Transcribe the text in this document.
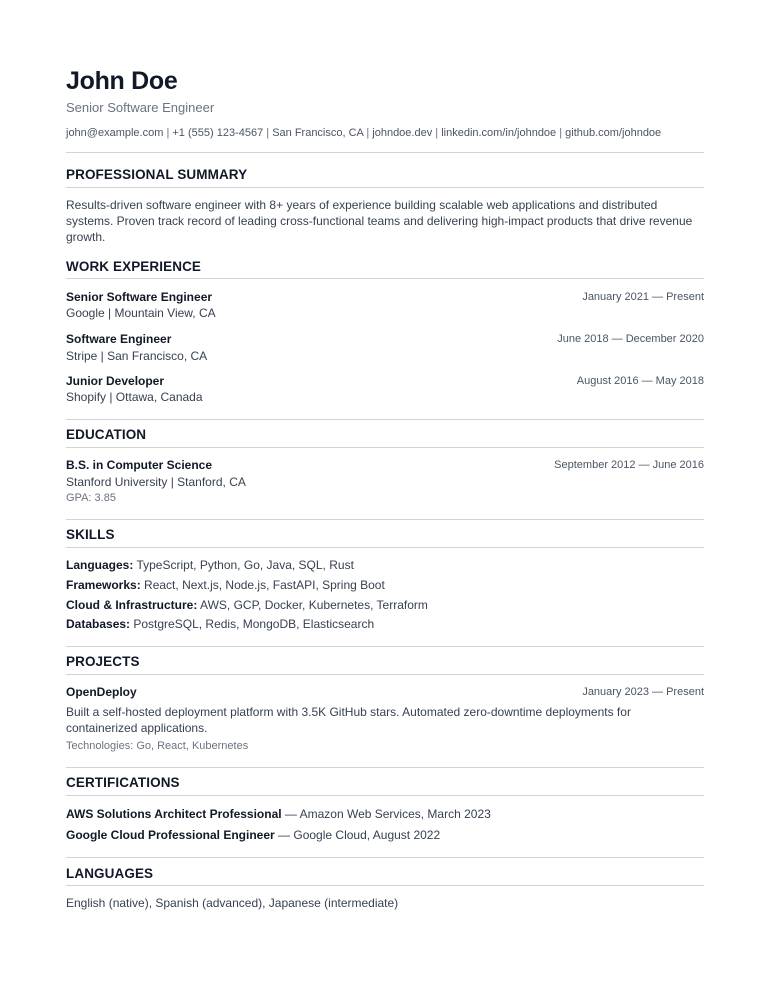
John Doe
Senior Software Engineer
john@example.com | +1 (555) 123-4567 | San Francisco, CA | johndoe.dev | linkedin.com/in/johndoe | github.com/johndoe
PROFESSIONAL SUMMARY
Results-driven software engineer with 8+ years of experience building scalable web applications and distributed systems. Proven track record of leading cross-functional teams and delivering high-impact products that drive revenue growth.
WORK EXPERIENCE
Senior Software Engineer	January 2021 — Present
Google | Mountain View, CA
Software Engineer	June 2018 — December 2020
Stripe | San Francisco, CA
Junior Developer	August 2016 — May 2018
Shopify | Ottawa, Canada
EDUCATION
B.S. in Computer Science	September 2012 — June 2016
Stanford University | Stanford, CA
GPA: 3.85
SKILLS
Languages: TypeScript, Python, Go, Java, SQL, Rust
Frameworks: React, Next.js, Node.js, FastAPI, Spring Boot
Cloud & Infrastructure: AWS, GCP, Docker, Kubernetes, Terraform
Databases: PostgreSQL, Redis, MongoDB, Elasticsearch
PROJECTS
OpenDeploy	January 2023 — Present
Built a self-hosted deployment platform with 3.5K GitHub stars. Automated zero-downtime deployments for containerized applications.
Technologies: Go, React, Kubernetes
CERTIFICATIONS
AWS Solutions Architect Professional — Amazon Web Services, March 2023
Google Cloud Professional Engineer — Google Cloud, August 2022
LANGUAGES
English (native), Spanish (advanced), Japanese (intermediate)
